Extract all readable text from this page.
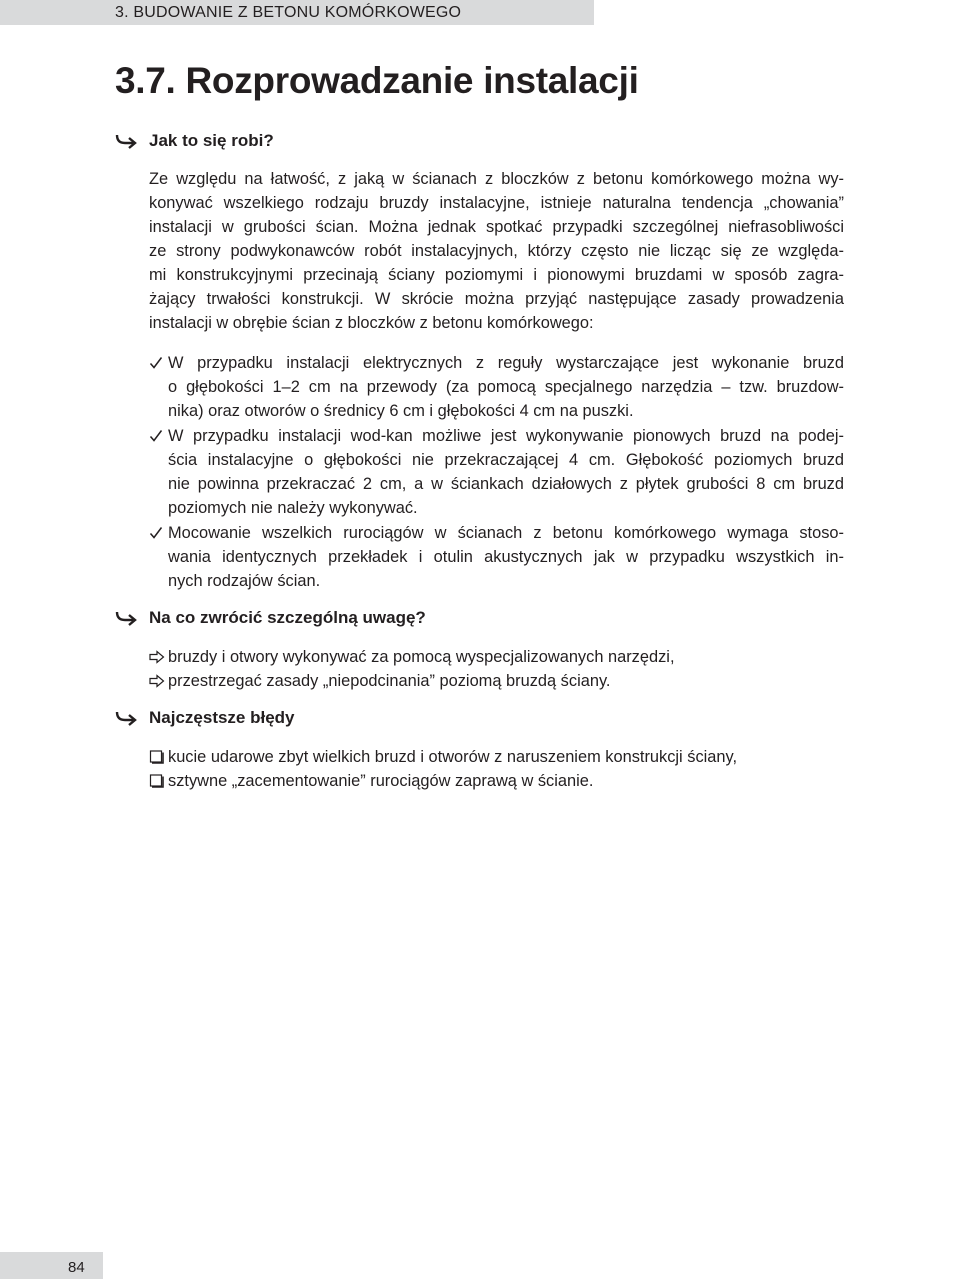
3. BUDOWANIE Z BETONU KOMÓRKOWEGO
3.7. Rozprowadzanie instalacji
Jak to się robi?
Ze względu na łatwość, z jaką w ścianach z bloczków z betonu komórkowego można wy-
konywać wszelkiego rodzaju bruzdy instalacyjne, istnieje naturalna tendencja „chowania”
instalacji w grubości ścian. Można jednak spotkać przypadki szczególnej niefrasobliwości
ze strony podwykonawców robót instalacyjnych, którzy często nie licząc się ze względa-
mi konstrukcyjnymi przecinają ściany poziomymi i pionowymi bruzdami w sposób zagra-
żający trwałości konstrukcji. W skrócie można przyjąć następujące zasady prowadzenia
instalacji w obrębie ścian z bloczków z betonu komórkowego:
W przypadku instalacji elektrycznych z reguły wystarczające jest wykonanie bruzd
o głębokości 1–2 cm na przewody (za pomocą specjalnego narzędzia – tzw. bruzdow-
nika) oraz otworów o średnicy 6 cm i głębokości 4 cm na puszki.
W przypadku instalacji wod-kan możliwe jest wykonywanie pionowych bruzd na podej-
ścia instalacyjne o głębokości nie przekraczającej 4 cm. Głębokość poziomych bruzd
nie powinna przekraczać 2 cm, a w ściankach działowych z płytek grubości 8 cm bruzd
poziomych nie należy wykonywać.
Mocowanie wszelkich rurociągów w ścianach z betonu komórkowego wymaga stoso-
wania identycznych przekładek i otulin akustycznych jak w przypadku wszystkich in-
nych rodzajów ścian.
Na co zwrócić szczególną uwagę?
bruzdy i otwory wykonywać za pomocą wyspecjalizowanych narzędzi,
przestrzegać zasady „niepodcinania” poziomą bruzdą ściany.
Najczęstsze błędy
kucie udarowe zbyt wielkich bruzd i otworów z naruszeniem konstrukcji ściany,
sztywne „zacementowanie” rurociągów zaprawą w ścianie.
84
